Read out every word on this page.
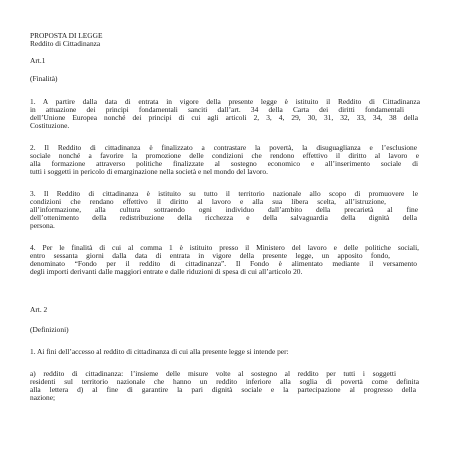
PROPOSTA DI LEGGE

Reddito di Cittadinanza

Art.1

(Finalità)

1. A partire dalla data di entrata in vigore della presente legge è istituito il Reddito di Cittadinanza

in attuazione dei principi fondamentali sanciti dall’art. 34 della Carta dei diritti fondamentali

dell’Unione Europea nonché dei principi di cui agli articoli 2, 3, 4, 29, 30, 31, 32, 33, 34, 38 della

Costituzione.

2. Il Reddito di cittadinanza è finalizzato a contrastare la povertà, la disuguaglianza e l’esclusione

sociale nonché a favorire la promozione delle condizioni che rendono effettivo il diritto al lavoro e

alla formazione attraverso politiche finalizzate al sostegno economico e all’inserimento sociale di

tutti i soggetti in pericolo di emarginazione nella società e nel mondo del lavoro.

3. Il Reddito di cittadinanza è istituito su tutto il territorio nazionale allo scopo di promuovere le

condizioni che rendano effettivo il diritto al lavoro e alla sua libera scelta, all’istruzione,

all’informazione, alla cultura sottraendo ogni individuo dall’ambito della precarietà al fine

dell’ottenimento della redistribuzione della ricchezza e della salvaguardia della dignità della

persona.

4. Per le finalità di cui al comma 1 è istituito presso il Ministero del lavoro e delle politiche sociali,

entro sessanta giorni dalla data di entrata in vigore della presente legge, un apposito fondo,

denominato “Fondo per il reddito di cittadinanza”. Il Fondo è alimentato mediante il versamento

degli importi derivanti dalle maggiori entrate e dalle riduzioni di spesa di cui all’articolo 20.

Art. 2

(Definizioni)

1. Ai fini dell’accesso al reddito di cittadinanza di cui alla presente legge si intende per:

a) reddito di cittadinanza: l’insieme delle misure volte al sostegno al reddito per tutti i soggetti

residenti sul territorio nazionale che hanno un reddito inferiore alla soglia di povertà come definita

alla lettera d) al fine di garantire la pari dignità sociale e la partecipazione al progresso della

nazione;
